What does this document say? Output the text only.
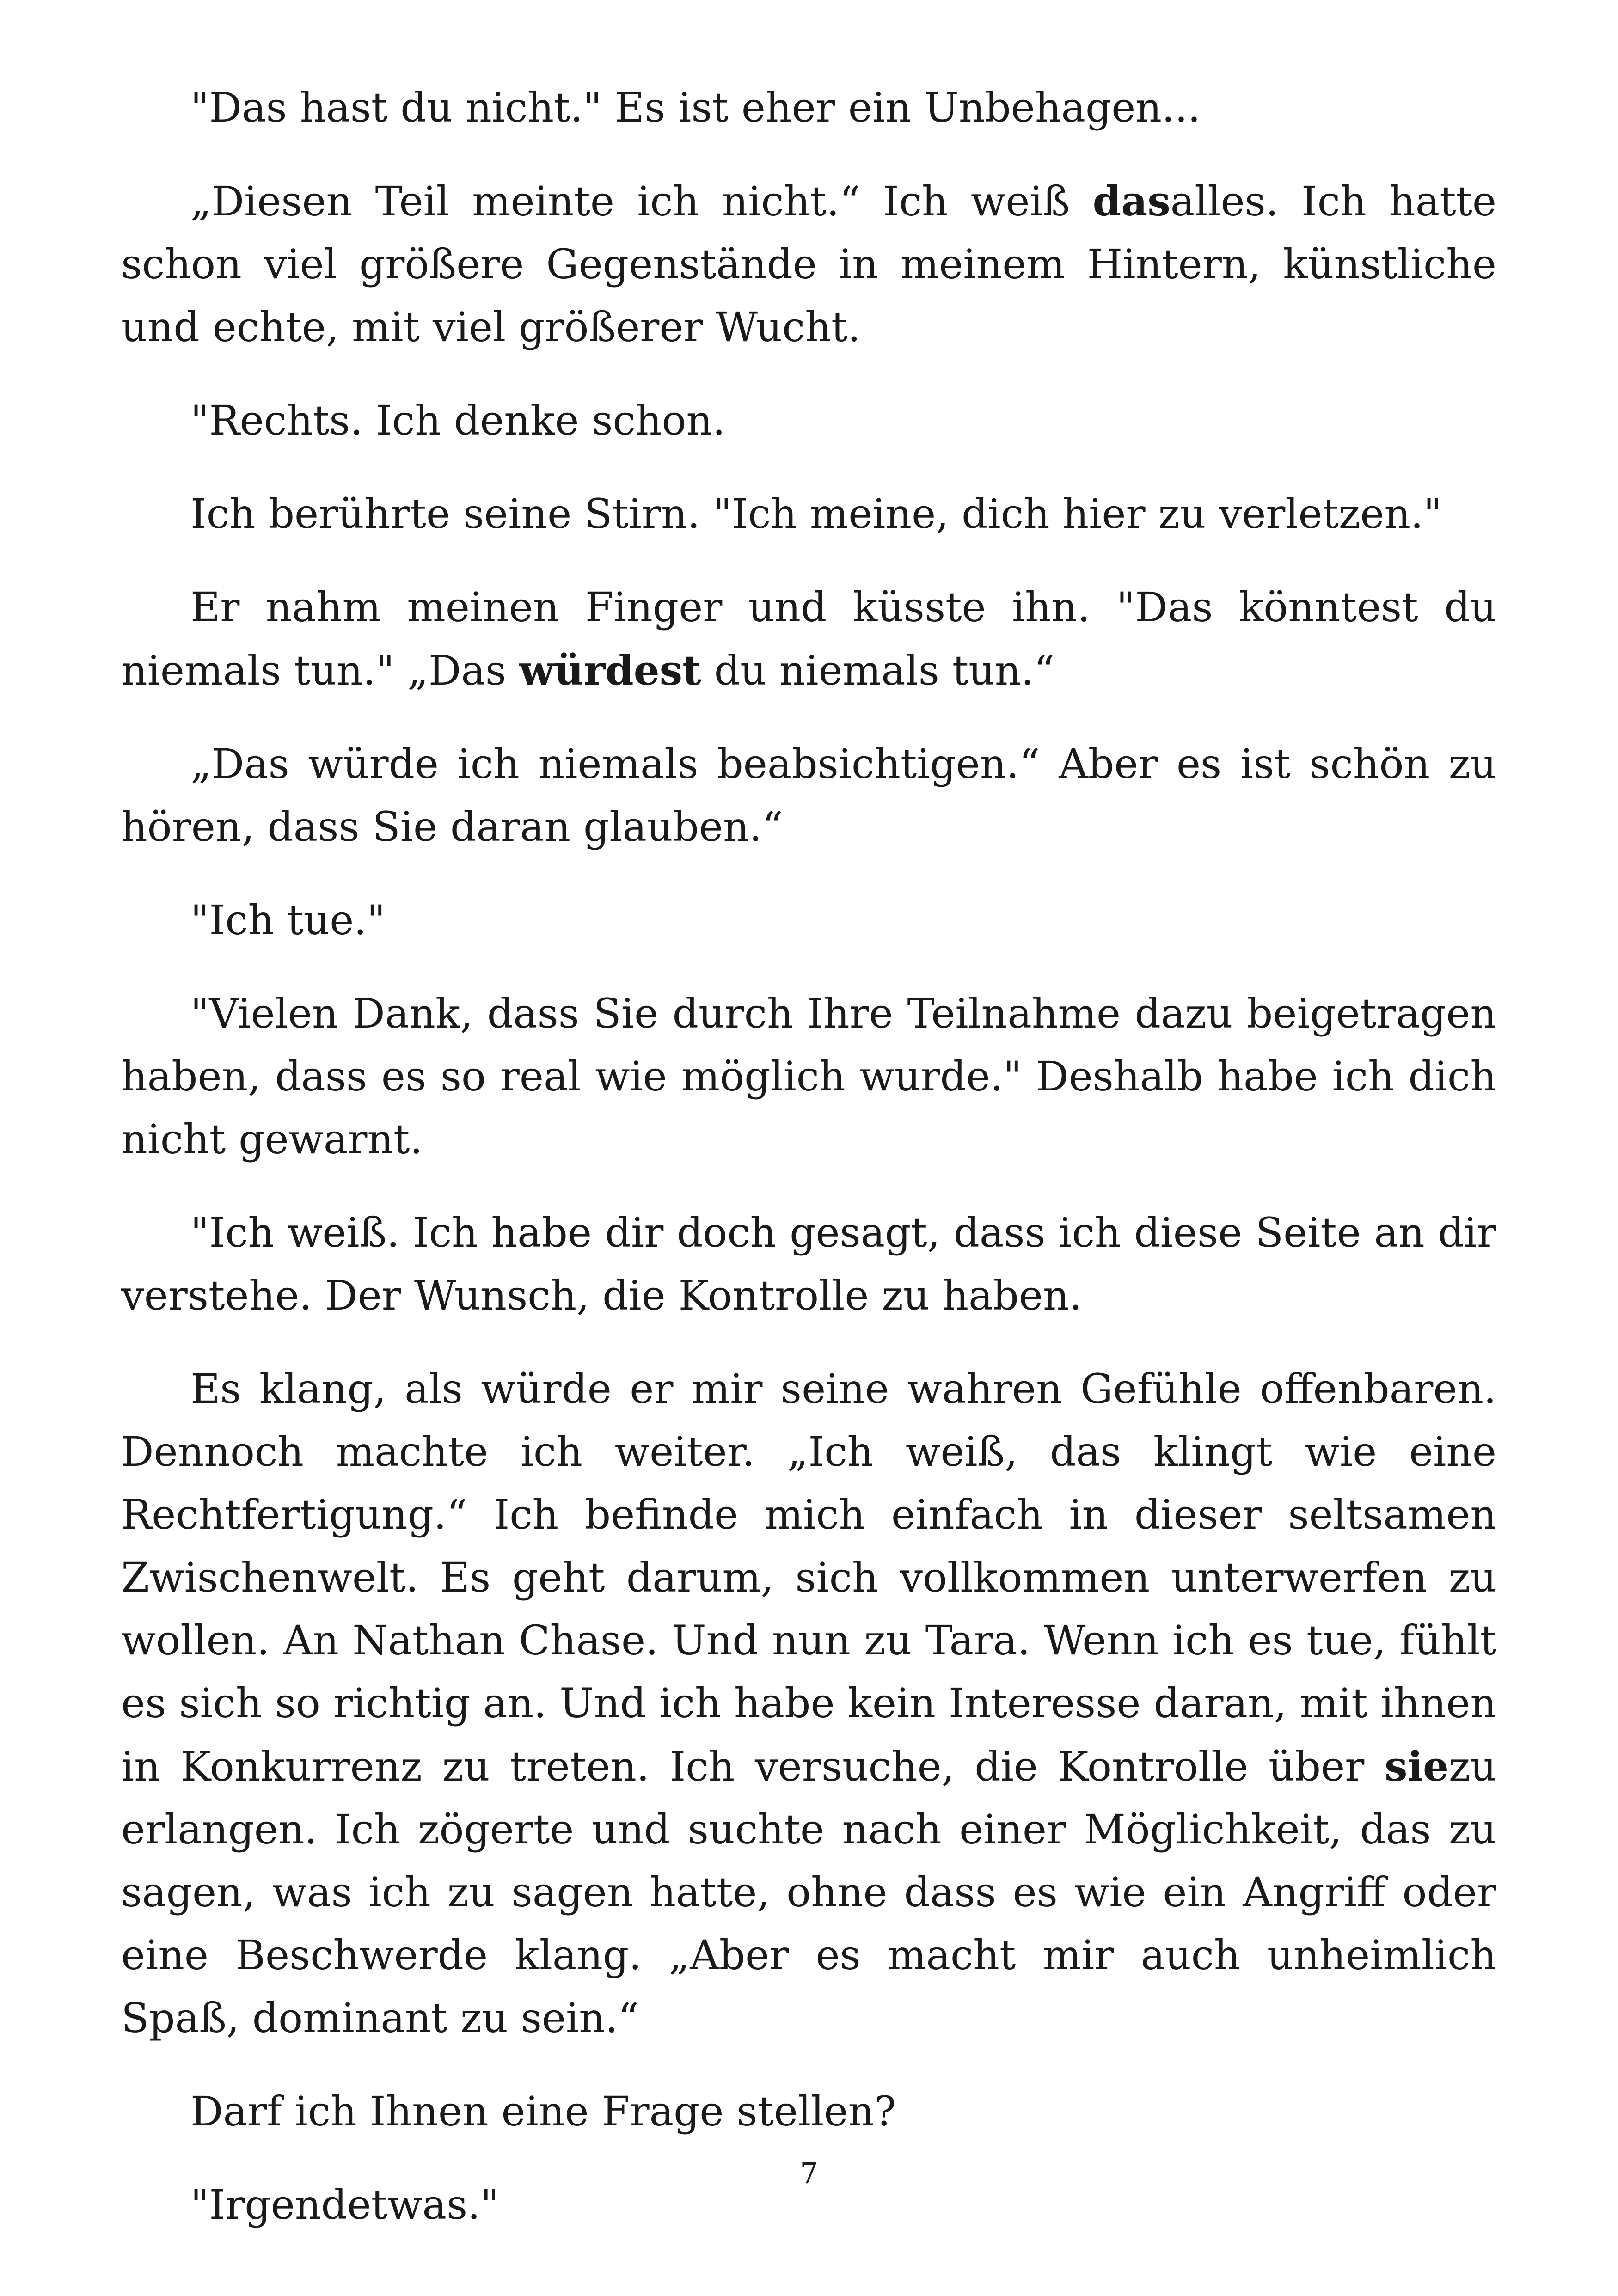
"Das hast du nicht." Es ist eher ein Unbehagen...

„Diesen Teil meinte ich nicht.“ Ich weiß dasalles. Ich hatte schon viel größere Gegenstände in meinem Hintern, künstliche und echte, mit viel größerer Wucht.

"Rechts. Ich denke schon.

Ich berührte seine Stirn. "Ich meine, dich hier zu verletzen."

Er nahm meinen Finger und küsste ihn. "Das könntest du niemals tun." „Das würdest du niemals tun.“

„Das würde ich niemals beabsichtigen.“ Aber es ist schön zu hören, dass Sie daran glauben.“

"Ich tue."

"Vielen Dank, dass Sie durch Ihre Teilnahme dazu beigetragen haben, dass es so real wie möglich wurde." Deshalb habe ich dich nicht gewarnt.

"Ich weiß. Ich habe dir doch gesagt, dass ich diese Seite an dir verstehe. Der Wunsch, die Kontrolle zu haben.

Es klang, als würde er mir seine wahren Gefühle offenbaren. Dennoch machte ich weiter. „Ich weiß, das klingt wie eine Rechtfertigung.“ Ich befinde mich einfach in dieser seltsamen Zwischenwelt. Es geht darum, sich vollkommen unterwerfen zu wollen. An Nathan Chase. Und nun zu Tara. Wenn ich es tue, fühlt es sich so richtig an. Und ich habe kein Interesse daran, mit ihnen in Konkurrenz zu treten. Ich versuche, die Kontrolle über siezu erlangen. Ich zögerte und suchte nach einer Möglichkeit, das zu sagen, was ich zu sagen hatte, ohne dass es wie ein Angriff oder eine Beschwerde klang. „Aber es macht mir auch unheimlich Spaß, dominant zu sein.“

Darf ich Ihnen eine Frage stellen?

"Irgendetwas."

7
